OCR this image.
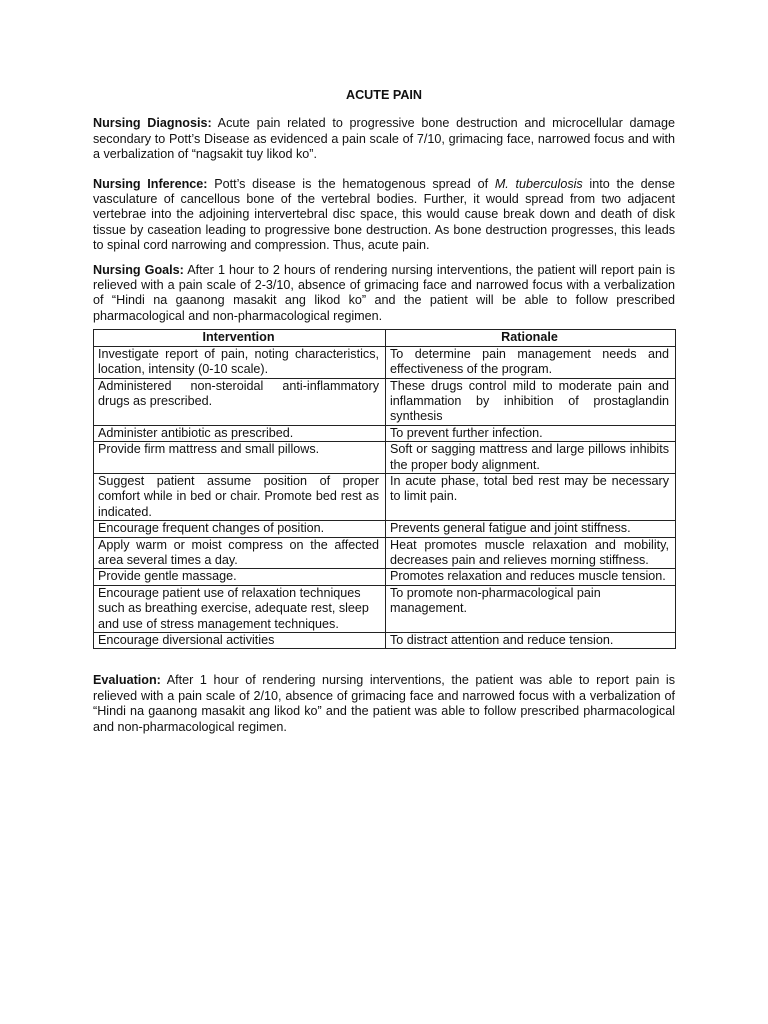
ACUTE PAIN

Nursing Diagnosis: Acute pain related to progressive bone destruction and microcellular damage secondary to Pott’s Disease as evidenced a pain scale of 7/10, grimacing face, narrowed focus and with a verbalization of “nagsakit tuy likod ko”.

Nursing Inference: Pott’s disease is the hematogenous spread of M. tuberculosis into the dense vasculature of cancellous bone of the vertebral bodies. Further, it would spread from two adjacent vertebrae into the adjoining intervertebral disc space, this would cause break down and death of disk tissue by caseation leading to progressive bone destruction. As bone destruction progresses, this leads to spinal cord narrowing and compression. Thus, acute pain.

Nursing Goals: After 1 hour to 2 hours of rendering nursing interventions, the patient will report pain is relieved with a pain scale of 2-3/10, absence of grimacing face and narrowed focus with a verbalization of “Hindi na gaanong masakit ang likod ko” and the patient will be able to follow prescribed pharmacological and non-pharmacological regimen.

Intervention	Rationale
Investigate report of pain, noting characteristics, location, intensity (0-10 scale).	To determine pain management needs and effectiveness of the program.
Administered non-steroidal anti-inflammatory drugs as prescribed.	These drugs control mild to moderate pain and inflammation by inhibition of prostaglandin synthesis
Administer antibiotic as prescribed.	To prevent further infection.
Provide firm mattress and small pillows.	Soft or sagging mattress and large pillows inhibits the proper body alignment.
Suggest patient assume position of proper comfort while in bed or chair. Promote bed rest as indicated.	In acute phase, total bed rest may be necessary to limit pain.
Encourage frequent changes of position.	Prevents general fatigue and joint stiffness.
Apply warm or moist compress on the affected area several times a day.	Heat promotes muscle relaxation and mobility, decreases pain and relieves morning stiffness.
Provide gentle massage.	Promotes relaxation and reduces muscle tension.
Encourage patient use of relaxation techniques such as breathing exercise, adequate rest, sleep and use of stress management techniques.	To promote non-pharmacological pain management.
Encourage diversional activities	To distract attention and reduce tension.

Evaluation: After 1 hour of rendering nursing interventions, the patient was able to report pain is relieved with a pain scale of 2/10, absence of grimacing face and narrowed focus with a verbalization of “Hindi na gaanong masakit ang likod ko” and the patient was able to follow prescribed pharmacological and non-pharmacological regimen.
